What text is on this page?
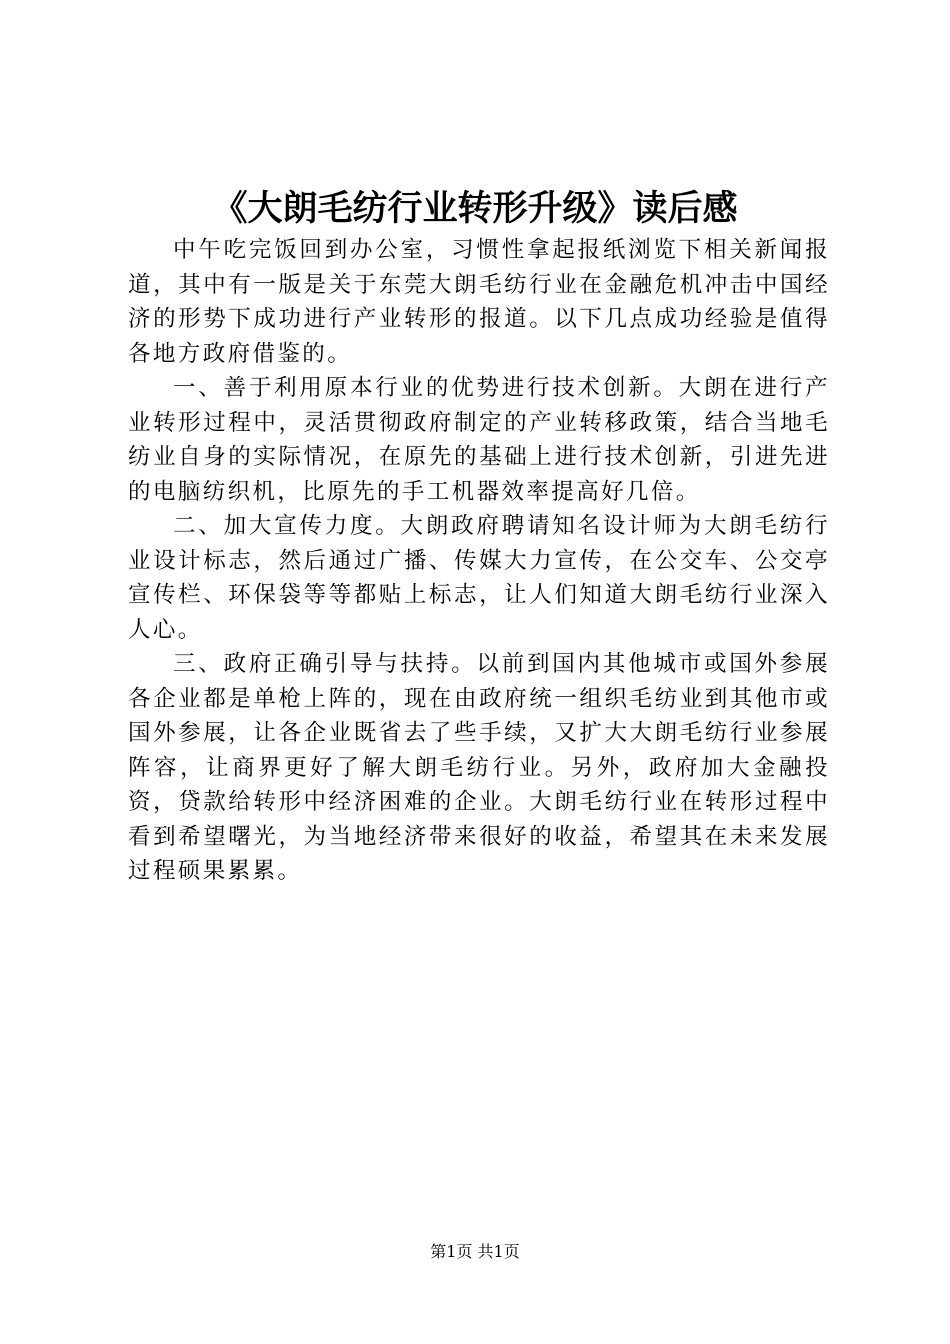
《大朗毛纺行业转形升级》读后感

中午吃完饭回到办公室，习惯性拿起报纸浏览下相关新闻报道，其中有一版是关于东莞大朗毛纺行业在金融危机冲击中国经济的形势下成功进行产业转形的报道。以下几点成功经验是值得各地方政府借鉴的。

一、善于利用原本行业的优势进行技术创新。大朗在进行产业转形过程中，灵活贯彻政府制定的产业转移政策，结合当地毛纺业自身的实际情况，在原先的基础上进行技术创新，引进先进的电脑纺织机，比原先的手工机器效率提高好几倍。

二、加大宣传力度。大朗政府聘请知名设计师为大朗毛纺行业设计标志，然后通过广播、传媒大力宣传，在公交车、公交亭宣传栏、环保袋等等都贴上标志，让人们知道大朗毛纺行业深入人心。

三、政府正确引导与扶持。以前到国内其他城市或国外参展各企业都是单枪上阵的，现在由政府统一组织毛纺业到其他市或国外参展，让各企业既省去了些手续，又扩大大朗毛纺行业参展阵容，让商界更好了解大朗毛纺行业。另外，政府加大金融投资，贷款给转形中经济困难的企业。大朗毛纺行业在转形过程中看到希望曙光，为当地经济带来很好的收益，希望其在未来发展过程硕果累累。

第1页 共1页
